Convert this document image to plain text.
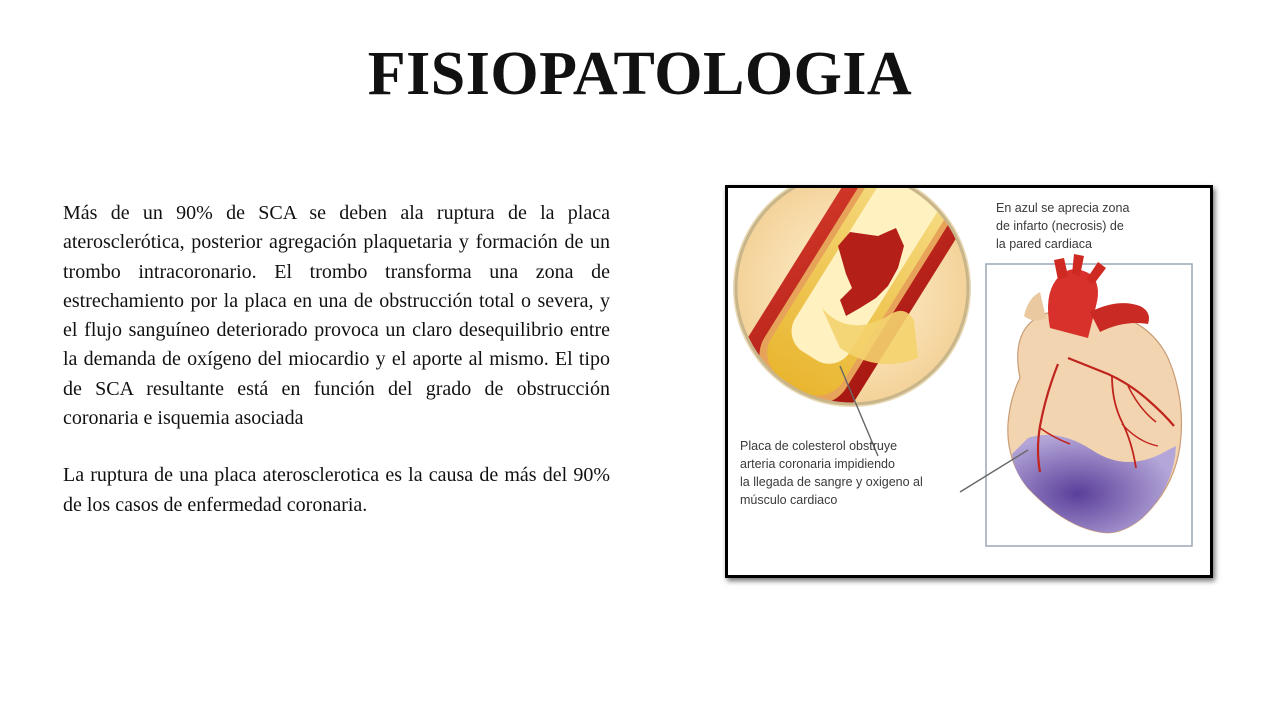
FISIOPATOLOGIA

Más de un 90% de SCA se deben ala ruptura de la placa aterosclerótica, posterior agregación plaquetaria y formación de un trombo intracoronario. El trombo transforma una zona de estrechamiento por la placa en una de obstrucción total o severa, y el flujo sanguíneo deteriorado provoca un claro desequilibrio entre la demanda de oxígeno del miocardio y el aporte al mismo. El tipo de SCA resultante está en función del grado de obstrucción coronaria e isquemia asociada

La ruptura de una placa aterosclerotica es la causa de más del 90% de los casos de enfermedad coronaria.

En azul se aprecia zona de infarto (necrosis) de la pared cardiaca
Placa de colesterol obstruye arteria coronaria impidiendo la llegada de sangre y oxigeno al músculo cardiaco
